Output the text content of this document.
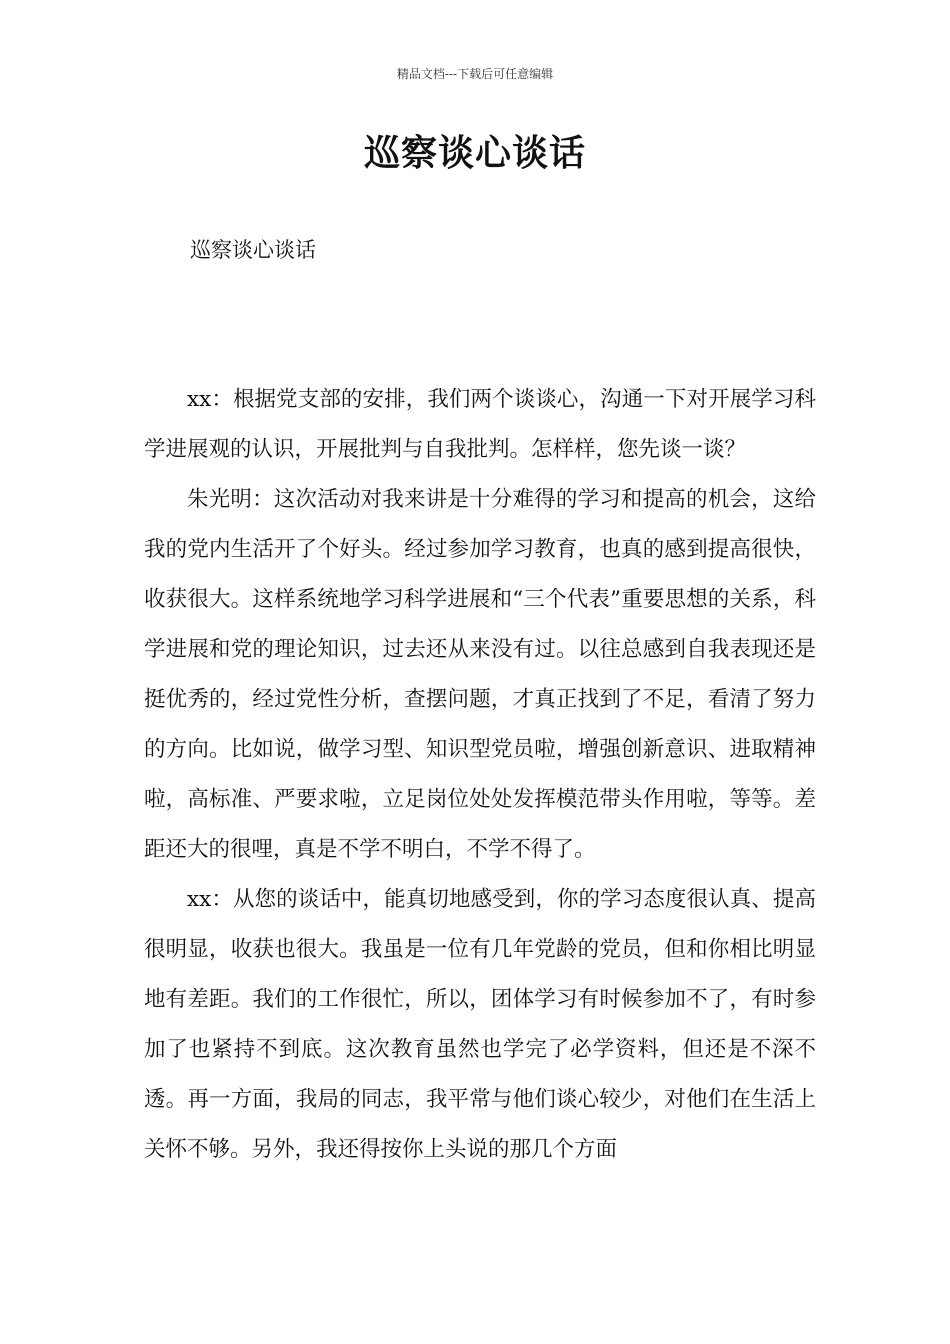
精品文档---下载后可任意编辑
巡察谈心谈话
巡察谈心谈话

xx：根据党支部的安排，我们两个谈谈心，沟通一下对开展学习科学进展观的认识，开展批判与自我批判。怎样样，您先谈一谈？

朱光明：这次活动对我来讲是十分难得的学习和提高的机会，这给我的党内生活开了个好头。经过参加学习教育，也真的感到提高很快，收获很大。这样系统地学习科学进展和“三个代表”重要思想的关系，科学进展和党的理论知识，过去还从来没有过。以往总感到自我表现还是挺优秀的，经过党性分析，查摆问题，才真正找到了不足，看清了努力的方向。比如说，做学习型、知识型党员啦，增强创新意识、进取精神啦，高标准、严要求啦，立足岗位处处发挥模范带头作用啦，等等。差距还大的很哩，真是不学不明白，不学不得了。

xx：从您的谈话中，能真切地感受到，你的学习态度很认真、提高很明显，收获也很大。我虽是一位有几年党龄的党员，但和你相比明显地有差距。我们的工作很忙，所以，团体学习有时候参加不了，有时参加了也紧持不到底。这次教育虽然也学完了必学资料，但还是不深不透。再一方面，我局的同志，我平常与他们谈心较少，对他们在生活上关怀不够。另外，我还得按你上头说的那几个方面
